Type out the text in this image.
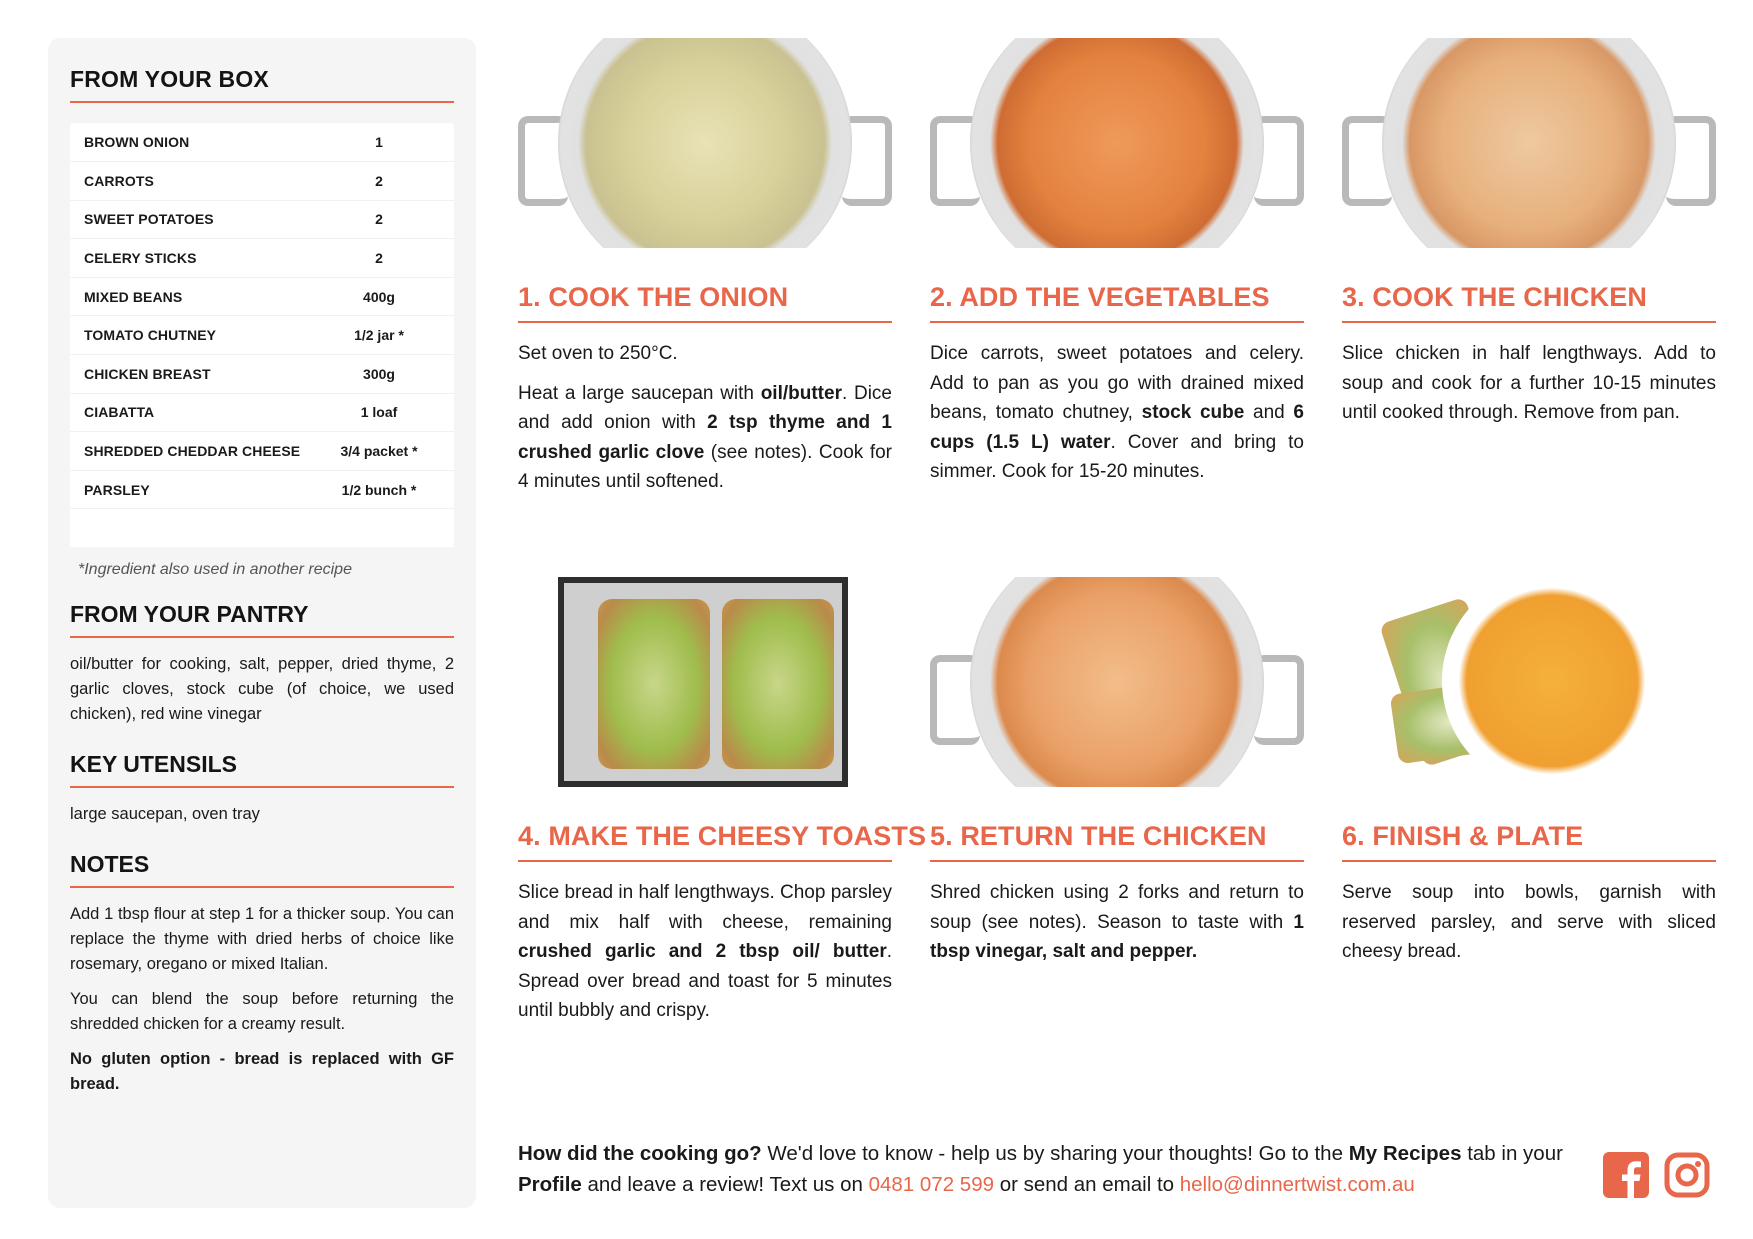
FROM YOUR BOX
BROWN ONION	1
CARROTS	2
SWEET POTATOES	2
CELERY STICKS	2
MIXED BEANS	400g
TOMATO CHUTNEY	1/2 jar *
CHICKEN BREAST	300g
CIABATTA	1 loaf
SHREDDED CHEDDAR CHEESE	3/4 packet *
PARSLEY	1/2 bunch *

*Ingredient also used in another recipe
FROM YOUR PANTRY

oil/butter for cooking, salt, pepper, dried thyme, 2 garlic cloves, stock cube (of choice, we used chicken), red wine vinegar

KEY UTENSILS

large saucepan, oven tray

NOTES

Add 1 tbsp flour at step 1 for a thicker soup. You can replace the thyme with dried herbs of choice like rosemary, oregano or mixed Italian.

You can blend the soup before returning the shredded chicken for a creamy result.

No gluten option - bread is replaced with GF bread.

1. COOK THE ONION

Set oven to 250°C.

Heat a large saucepan with oil/butter. Dice and add onion with 2 tsp thyme and 1 crushed garlic clove (see notes). Cook for 4 minutes until softened.

2. ADD THE VEGETABLES

Dice carrots, sweet potatoes and celery. Add to pan as you go with drained mixed beans, tomato chutney, stock cube and 6 cups (1.5 L) water. Cover and bring to simmer. Cook for 15-20 minutes.

3. COOK THE CHICKEN

Slice chicken in half lengthways. Add to soup and cook for a further 10-15 minutes until cooked through. Remove from pan.

4. MAKE THE CHEESY TOASTS

Slice bread in half lengthways. Chop parsley and mix half with cheese, remaining crushed garlic and 2 tbsp oil/ butter. Spread over bread and toast for 5 minutes until bubbly and crispy.

5. RETURN THE CHICKEN

Shred chicken using 2 forks and return to soup (see notes). Season to taste with 1 tbsp vinegar, salt and pepper.

6. FINISH & PLATE

Serve soup into bowls, garnish with reserved parsley, and serve with sliced cheesy bread.

How did the cooking go? We'd love to know - help us by sharing your thoughts! Go to the My Recipes tab in your Profile and leave a review! Text us on 0481 072 599 or send an email to hello@dinnertwist.com.au
